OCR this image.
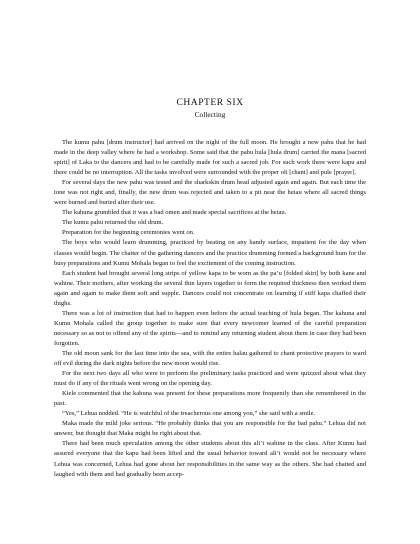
CHAPTER SIX
Collecting

The kumu pahu [drum instructor] had arrived on the night of the full moon. He brought a new pahu that he had made in the deep valley where he had a workshop. Some said that the pahu hula [hula drum] carried the mana [sacred spirit] of Laka to the dancers and had to be carefully made for such a sacred job. For such work there were kapu and there could be no interruption. All the tasks involved were surrounded with the proper oli [chant] and pule [prayer].

For several days the new pahu was tested and the sharkskin drum head adjusted again and again. But each time the tone was not right and, finally, the new drum was rejected and taken to a pit near the heiau where all sacred things were burned and buried after their use.

The kahuna grumbled that it was a bad omen and made special sacrifices at the heiau.

The kumu pahu returned the old drum.

Preparation for the beginning ceremonies went on.

The boys who would learn drumming, practiced by beating on any handy surface, impatient for the day when classes would begin. The chatter of the gathering dancers and the practice drumming formed a background hum for the busy preparations and Kumu Mohala began to feel the excitement of the coming instruction.

Each student had brought several long strips of yellow kapa to be worn as the pa’u [folded skirt] by both kane and wahine. Their mothers, after working the several thin layers together to form the required thickness then worked them again and again to make them soft and supple. Dancers could not concentrate on learning if stiff kapa chaffed their thighs.

There was a lot of instruction that had to happen even before the actual teaching of hula began. The kahuna and Kumu Mohala called the group together to make sure that every newcomer learned of the careful preparation necessary so as not to offend any of the spirits—and to remind any returning student about them in case they had been forgotten.

The old moon sank for the last time into the sea, with the entire halau gathered to chant protective prayers to ward off evil during the dark nights before the new moon would rise.

For the next two days all who were to perform the preliminary tasks practiced and were quizzed about what they must do if any of the rituals went wrong on the opening day.

Kiele commented that the kahuna was present for these preparations more frequently than she remembered in the past.

“Yes,” Lehua nodded. “He is watchful of the treacherous one among you,” she said with a smile.

Maka made the mild joke serious. “He probably thinks that you are responsible for the bad pahu.” Lehua did not answer, but thought that Maka might be right about that.

There had been much speculation among the other students about this ali’i wahine in the class. After Kumu had assured everyone that the kapu had been lifted and the usual behavior toward ali’i would not be necessary where Lehua was concerned, Lehua had gone about her responsibilities in the same way as the others. She had chatted and laughed with them and had gradually been accep-
